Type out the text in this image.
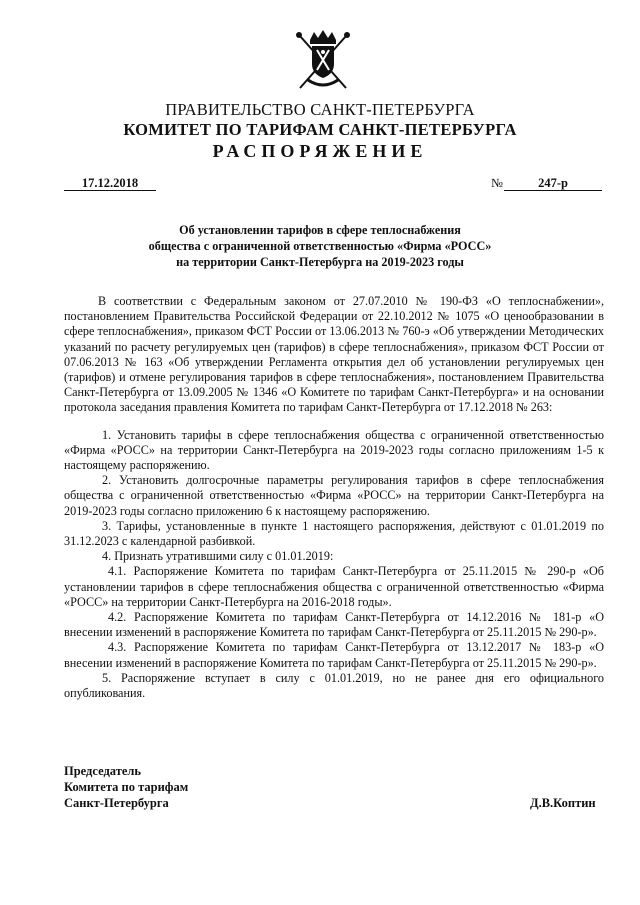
ПРАВИТЕЛЬСТВО САНКТ-ПЕТЕРБУРГА
КОМИТЕТ ПО ТАРИФАМ САНКТ-ПЕТЕРБУРГА
РАСПОРЯЖЕНИЕ
17.12.2018	№	247-р
Об установлении тарифов в сфере теплоснабжения
общества с ограниченной ответственностью «Фирма «РОСС»
на территории Санкт-Петербурга на 2019-2023 годы

В соответствии с Федеральным законом от 27.07.2010 № 190-ФЗ «О теплоснабжении», постановлением Правительства Российской Федерации от 22.10.2012 № 1075 «О ценообразовании в сфере теплоснабжения», приказом ФСТ России от 13.06.2013 № 760-э «Об утверждении Методических указаний по расчету регулируемых цен (тарифов) в сфере теплоснабжения», приказом ФСТ России от 07.06.2013 № 163 «Об утверждении Регламента открытия дел об установлении регулируемых цен (тарифов) и отмене регулирования тарифов в сфере теплоснабжения», постановлением Правительства Санкт-Петербурга от 13.09.2005 № 1346 «О Комитете по тарифам Санкт-Петербурга» и на основании протокола заседания правления Комитета по тарифам Санкт-Петербурга от 17.12.2018 № 263:

1. Установить тарифы в сфере теплоснабжения общества с ограниченной ответственностью «Фирма «РОСС» на территории Санкт-Петербурга на 2019-2023 годы согласно приложениям 1-5 к настоящему распоряжению.

2. Установить долгосрочные параметры регулирования тарифов в сфере теплоснабжения общества с ограниченной ответственностью «Фирма «РОСС» на территории Санкт-Петербурга на 2019-2023 годы согласно приложению 6 к настоящему распоряжению.

3. Тарифы, установленные в пункте 1 настоящего распоряжения, действуют с 01.01.2019 по 31.12.2023 с календарной разбивкой.

4. Признать утратившими силу с 01.01.2019:

4.1. Распоряжение Комитета по тарифам Санкт-Петербурга от 25.11.2015 № 290-р «Об установлении тарифов в сфере теплоснабжения общества с ограниченной ответственностью «Фирма «РОСС» на территории Санкт-Петербурга на 2016-2018 годы».

4.2. Распоряжение Комитета по тарифам Санкт-Петербурга от 14.12.2016 № 181-р «О внесении изменений в распоряжение Комитета по тарифам Санкт-Петербурга от 25.11.2015 № 290-р».

4.3. Распоряжение Комитета по тарифам Санкт-Петербурга от 13.12.2017 № 183-р «О внесении изменений в распоряжение Комитета по тарифам Санкт-Петербурга от 25.11.2015 № 290-р».

5. Распоряжение вступает в силу с 01.01.2019, но не ранее дня его официального опубликования.

Председатель
Комитета по тарифам
Санкт-Петербурга	Д.В.Коптин
